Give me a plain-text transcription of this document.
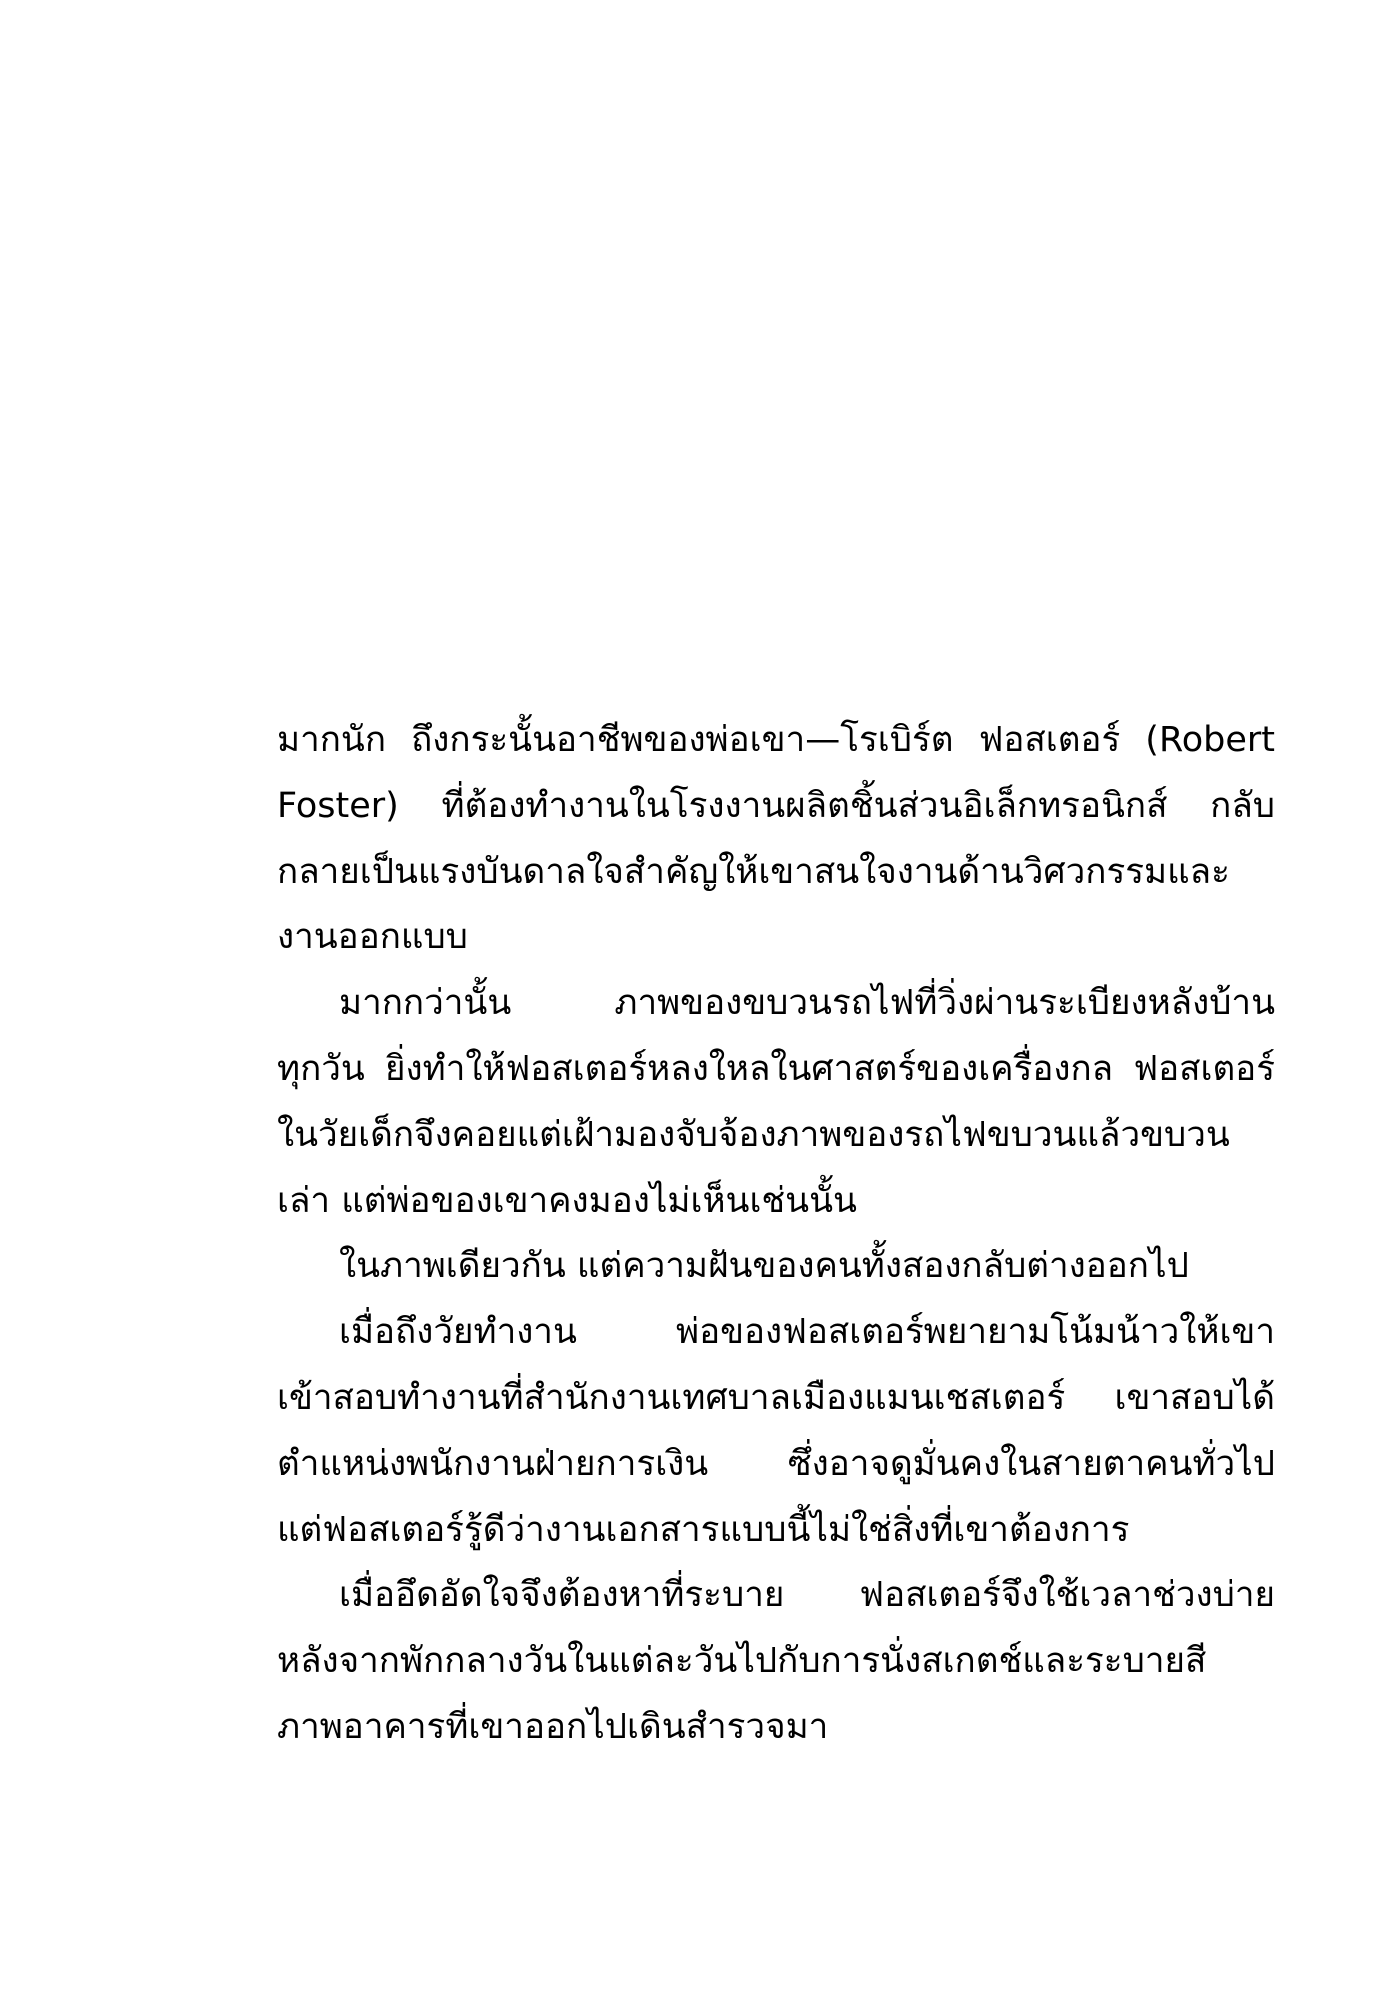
มากนัก ถึงกระนั้นอาชีพของพ่อเขา—โรเบิร์ต ฟอสเตอร์ (Robert
Foster) ที่ต้องทำงานในโรงงานผลิตชิ้นส่วนอิเล็กทรอนิกส์ กลับ
กลายเป็นแรงบันดาลใจสำคัญให้เขาสนใจงานด้านวิศวกรรมและ
งานออกแบบ
มากกว่านั้น ภาพของขบวนรถไฟที่วิ่งผ่านระเบียงหลังบ้าน
ทุกวัน ยิ่งทำให้ฟอสเตอร์หลงใหลในศาสตร์ของเครื่องกล ฟอสเตอร์
ในวัยเด็กจึงคอยแต่เฝ้ามองจับจ้องภาพของรถไฟขบวนแล้วขบวน
เล่า แต่พ่อของเขาคงมองไม่เห็นเช่นนั้น
ในภาพเดียวกัน แต่ความฝันของคนทั้งสองกลับต่างออกไป
เมื่อถึงวัยทำงาน พ่อของฟอสเตอร์พยายามโน้มน้าวให้เขา
เข้าสอบทำงานที่สำนักงานเทศบาลเมืองแมนเชสเตอร์ เขาสอบได้
ตำแหน่งพนักงานฝ่ายการเงิน ซึ่งอาจดูมั่นคงในสายตาคนทั่วไป
แต่ฟอสเตอร์รู้ดีว่างานเอกสารแบบนี้ไม่ใช่สิ่งที่เขาต้องการ
เมื่ออึดอัดใจจึงต้องหาที่ระบาย ฟอสเตอร์จึงใช้เวลาช่วงบ่าย
หลังจากพักกลางวันในแต่ละวันไปกับการนั่งสเกตช์และระบายสี
ภาพอาคารที่เขาออกไปเดินสำรวจมา
